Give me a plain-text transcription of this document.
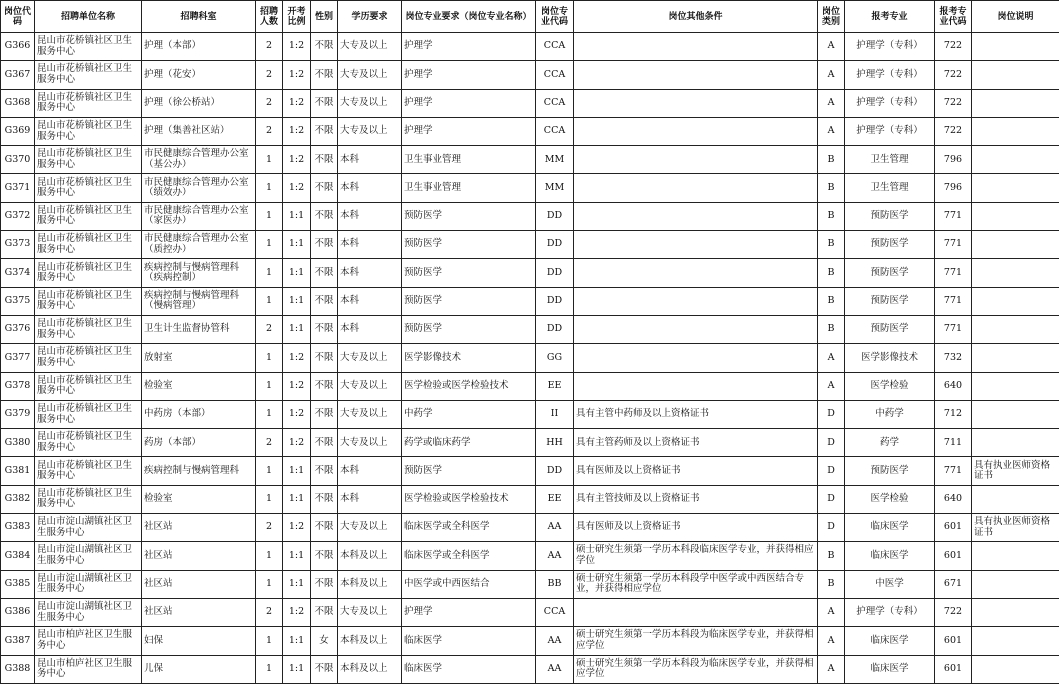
岗位代码	招聘单位名称	招聘科室	招聘人数	开考比例	性别	学历要求	岗位专业要求（岗位专业名称）	岗位专业代码	岗位其他条件	岗位类别	报考专业	报考专业代码	岗位说明
G366	昆山市花桥镇社区卫生服务中心	护理（本部）	2	1:2	不限	大专及以上	护理学	CCA		A	护理学（专科）	722	
G367	昆山市花桥镇社区卫生服务中心	护理（花安）	2	1:2	不限	大专及以上	护理学	CCA		A	护理学（专科）	722	
G368	昆山市花桥镇社区卫生服务中心	护理（徐公桥站）	2	1:2	不限	大专及以上	护理学	CCA		A	护理学（专科）	722	
G369	昆山市花桥镇社区卫生服务中心	护理（集善社区站）	2	1:2	不限	大专及以上	护理学	CCA		A	护理学（专科）	722	
G370	昆山市花桥镇社区卫生服务中心	市民健康综合管理办公室（基公办）	1	1:2	不限	本科	卫生事业管理	MM		B	卫生管理	796	
G371	昆山市花桥镇社区卫生服务中心	市民健康综合管理办公室（绩效办）	1	1:2	不限	本科	卫生事业管理	MM		B	卫生管理	796	
G372	昆山市花桥镇社区卫生服务中心	市民健康综合管理办公室（家医办）	1	1:1	不限	本科	预防医学	DD		B	预防医学	771	
G373	昆山市花桥镇社区卫生服务中心	市民健康综合管理办公室（质控办）	1	1:1	不限	本科	预防医学	DD		B	预防医学	771	
G374	昆山市花桥镇社区卫生服务中心	疾病控制与慢病管理科（疾病控制）	1	1:1	不限	本科	预防医学	DD		B	预防医学	771	
G375	昆山市花桥镇社区卫生服务中心	疾病控制与慢病管理科（慢病管理）	1	1:1	不限	本科	预防医学	DD		B	预防医学	771	
G376	昆山市花桥镇社区卫生服务中心	卫生计生监督协管科	2	1:1	不限	本科	预防医学	DD		B	预防医学	771	
G377	昆山市花桥镇社区卫生服务中心	放射室	1	1:2	不限	大专及以上	医学影像技术	GG		A	医学影像技术	732	
G378	昆山市花桥镇社区卫生服务中心	检验室	1	1:2	不限	大专及以上	医学检验或医学检验技术	EE		A	医学检验	640	
G379	昆山市花桥镇社区卫生服务中心	中药房（本部）	1	1:2	不限	大专及以上	中药学	II	具有主管中药师及以上资格证书	D	中药学	712	
G380	昆山市花桥镇社区卫生服务中心	药房（本部）	2	1:2	不限	大专及以上	药学或临床药学	HH	具有主管药师及以上资格证书	D	药学	711	
G381	昆山市花桥镇社区卫生服务中心	疾病控制与慢病管理科	1	1:1	不限	本科	预防医学	DD	具有医师及以上资格证书	D	预防医学	771	具有执业医师资格证书
G382	昆山市花桥镇社区卫生服务中心	检验室	1	1:1	不限	本科	医学检验或医学检验技术	EE	具有主管技师及以上资格证书	D	医学检验	640	
G383	昆山市淀山湖镇社区卫生服务中心	社区站	2	1:2	不限	大专及以上	临床医学或全科医学	AA	具有医师及以上资格证书	D	临床医学	601	具有执业医师资格证书
G384	昆山市淀山湖镇社区卫生服务中心	社区站	1	1:1	不限	本科及以上	临床医学或全科医学	AA	硕士研究生须第一学历本科段临床医学专业，并获得相应学位	B	临床医学	601	
G385	昆山市淀山湖镇社区卫生服务中心	社区站	1	1:1	不限	本科及以上	中医学或中西医结合	BB	硕士研究生须第一学历本科段学中医学或中西医结合专业，并获得相应学位	B	中医学	671	
G386	昆山市淀山湖镇社区卫生服务中心	社区站	2	1:2	不限	大专及以上	护理学	CCA		A	护理学（专科）	722	
G387	昆山市柏庐社区卫生服务中心	妇保	1	1:1	女	本科及以上	临床医学	AA	硕士研究生须第一学历本科段为临床医学专业，并获得相应学位	A	临床医学	601	
G388	昆山市柏庐社区卫生服务中心	儿保	1	1:1	不限	本科及以上	临床医学	AA	硕士研究生须第一学历本科段为临床医学专业，并获得相应学位	A	临床医学	601	
